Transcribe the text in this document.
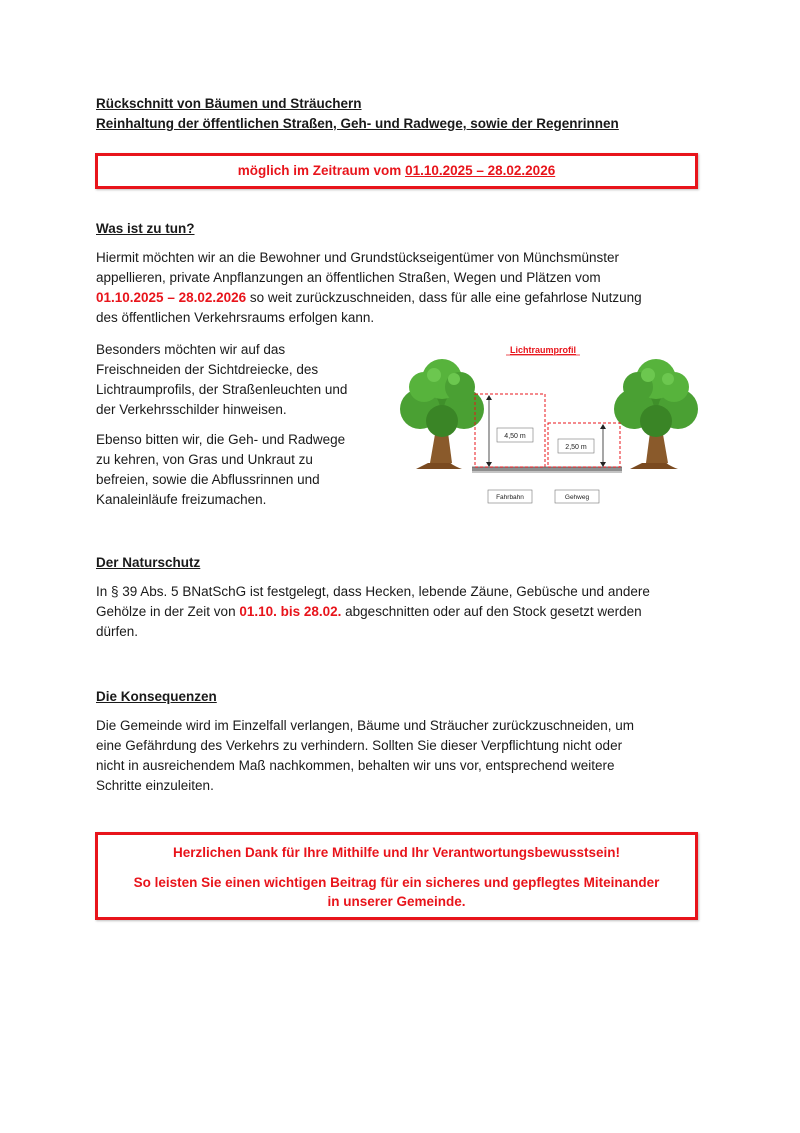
Rückschnitt von Bäumen und Sträuchern
Reinhaltung der öffentlichen Straßen, Geh- und Radwege, sowie der Regenrinnen
möglich im Zeitraum vom 01.10.2025 – 28.02.2026
Was ist zu tun?

Hiermit möchten wir an die Bewohner und Grundstückseigentümer von Münchsmünster

appellieren, private Anpflanzungen an öffentlichen Straßen, Wegen und Plätzen vom

01.10.2025 – 28.02.2026 so weit zurückzuschneiden, dass für alle eine gefahrlose Nutzung

des öffentlichen Verkehrsraums erfolgen kann.

Besonders möchten wir auf das

Freischneiden der Sichtdreiecke, des

Lichtraumprofils, der Straßenleuchten und

der Verkehrsschilder hinweisen.

Ebenso bitten wir, die Geh- und Radwege

zu kehren, von Gras und Unkraut zu

befreien, sowie die Abflussrinnen und

Kanaleinläufe freizumachen.

Lichtraumprofil
4,50 m
2,50 m
Fahrbahn	Gehweg
Der Naturschutz

In § 39 Abs. 5 BNatSchG ist festgelegt, dass Hecken, lebende Zäune, Gebüsche und andere

Gehölze in der Zeit von 01.10. bis 28.02. abgeschnitten oder auf den Stock gesetzt werden

dürfen.

Die Konsequenzen

Die Gemeinde wird im Einzelfall verlangen, Bäume und Sträucher zurückzuschneiden, um

eine Gefährdung des Verkehrs zu verhindern. Sollten Sie dieser Verpflichtung nicht oder

nicht in ausreichendem Maß nachkommen, behalten wir uns vor, entsprechend weitere

Schritte einzuleiten.

Herzlichen Dank für Ihre Mithilfe und Ihr Verantwortungsbewusstsein!
So leisten Sie einen wichtigen Beitrag für ein sicheres und gepflegtes Miteinander
in unserer Gemeinde.
